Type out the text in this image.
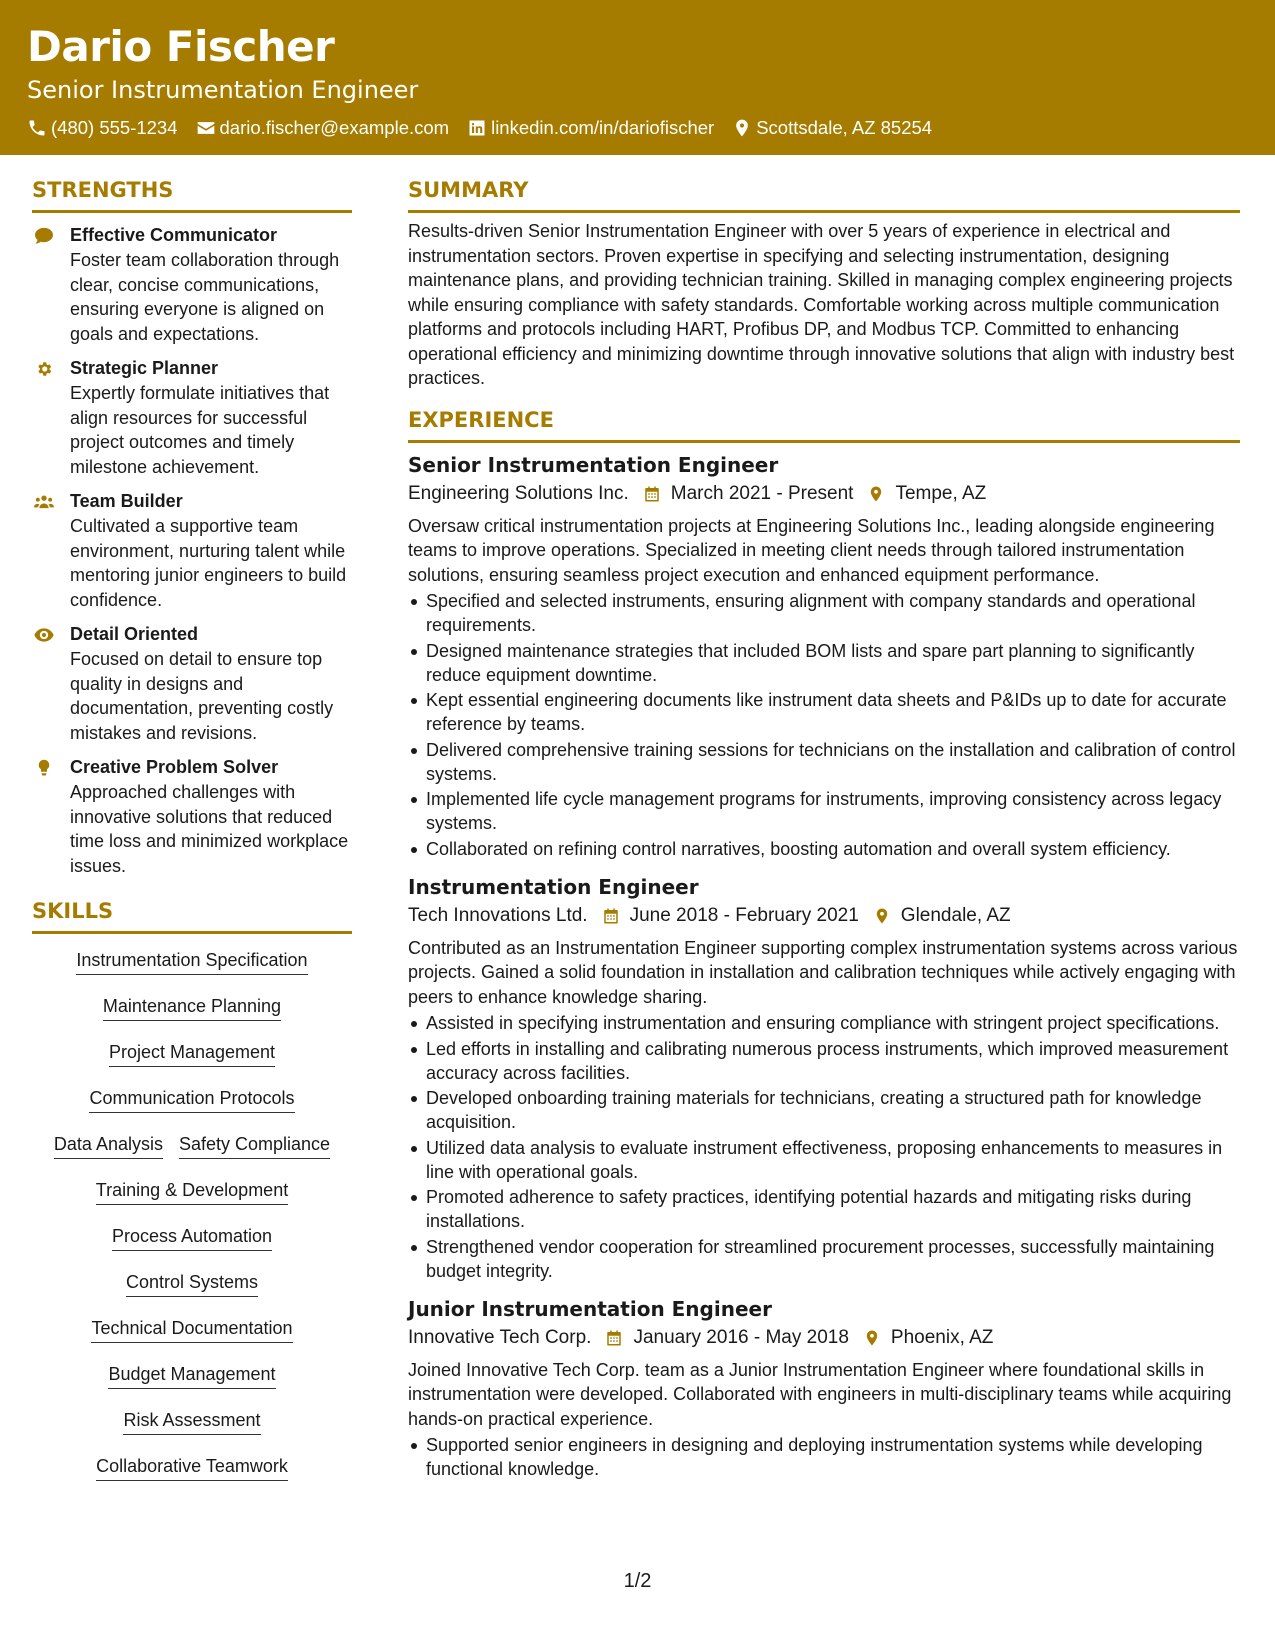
Dario Fischer
Senior Instrumentation Engineer
(480) 555-1234 dario.fischer@example.com linkedin.com/in/dariofischer Scottsdale, AZ 85254
STRENGTHS
Effective Communicator
Foster team collaboration through clear, concise communications, ensuring everyone is aligned on goals and expectations.
Strategic Planner
Expertly formulate initiatives that align resources for successful project outcomes and timely milestone achievement.
Team Builder
Cultivated a supportive team environment, nurturing talent while mentoring junior engineers to build confidence.
Detail Oriented
Focused on detail to ensure top quality in designs and documentation, preventing costly mistakes and revisions.
Creative Problem Solver
Approached challenges with innovative solutions that reduced time loss and minimized workplace issues.
SKILLS
Instrumentation Specification
Maintenance Planning
Project Management
Communication Protocols
Data Analysis Safety Compliance
Training & Development
Process Automation
Control Systems
Technical Documentation
Budget Management
Risk Assessment
Collaborative Teamwork
SUMMARY
Results-driven Senior Instrumentation Engineer with over 5 years of experience in electrical and instrumentation sectors. Proven expertise in specifying and selecting instrumentation, designing maintenance plans, and providing technician training. Skilled in managing complex engineering projects while ensuring compliance with safety standards. Comfortable working across multiple communication platforms and protocols including HART, Profibus DP, and Modbus TCP. Committed to enhancing operational efficiency and minimizing downtime through innovative solutions that align with industry best practices.
EXPERIENCE
Senior Instrumentation Engineer
Engineering Solutions Inc. March 2021 - Present Tempe, AZ
Oversaw critical instrumentation projects at Engineering Solutions Inc., leading alongside engineering teams to improve operations. Specialized in meeting client needs through tailored instrumentation solutions, ensuring seamless project execution and enhanced equipment performance.
Specified and selected instruments, ensuring alignment with company standards and operational requirements.
Designed maintenance strategies that included BOM lists and spare part planning to significantly reduce equipment downtime.
Kept essential engineering documents like instrument data sheets and P&IDs up to date for accurate reference by teams.
Delivered comprehensive training sessions for technicians on the installation and calibration of control systems.
Implemented life cycle management programs for instruments, improving consistency across legacy systems.
Collaborated on refining control narratives, boosting automation and overall system efficiency.
Instrumentation Engineer
Tech Innovations Ltd. June 2018 - February 2021 Glendale, AZ
Contributed as an Instrumentation Engineer supporting complex instrumentation systems across various projects. Gained a solid foundation in installation and calibration techniques while actively engaging with peers to enhance knowledge sharing.
Assisted in specifying instrumentation and ensuring compliance with stringent project specifications.
Led efforts in installing and calibrating numerous process instruments, which improved measurement accuracy across facilities.
Developed onboarding training materials for technicians, creating a structured path for knowledge acquisition.
Utilized data analysis to evaluate instrument effectiveness, proposing enhancements to measures in line with operational goals.
Promoted adherence to safety practices, identifying potential hazards and mitigating risks during installations.
Strengthened vendor cooperation for streamlined procurement processes, successfully maintaining budget integrity.
Junior Instrumentation Engineer
Innovative Tech Corp. January 2016 - May 2018 Phoenix, AZ
Joined Innovative Tech Corp. team as a Junior Instrumentation Engineer where foundational skills in instrumentation were developed. Collaborated with engineers in multi-disciplinary teams while acquiring hands-on practical experience.
Supported senior engineers in designing and deploying instrumentation systems while developing functional knowledge.
1/2
